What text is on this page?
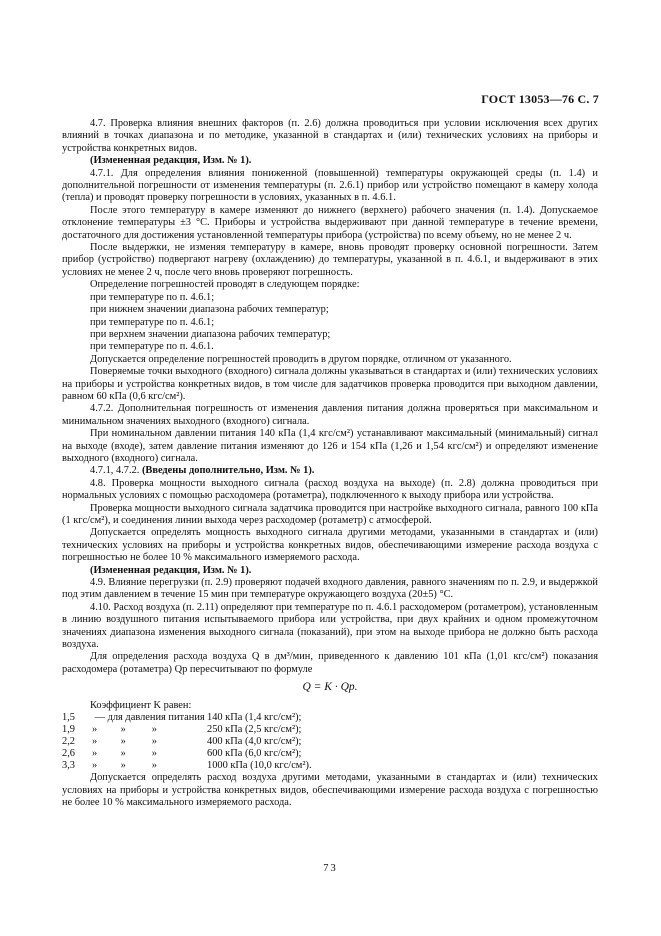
ГОСТ 13053—76 С. 7

4.7. Проверка влияния внешних факторов (п. 2.6) должна проводиться при условии исключения всех других влияний в точках диапазона и по методике, указанной в стандартах и (или) технических условиях на приборы и устройства конкретных видов.

(Измененная редакция, Изм. № 1).

4.7.1. Для определения влияния пониженной (повышенной) температуры окружающей среды (п. 1.4) и дополнительной погрешности от изменения температуры (п. 2.6.1) прибор или устройство помещают в камеру холода (тепла) и проводят проверку погрешности в условиях, указанных в п. 4.6.1.

После этого температуру в камере изменяют до нижнего (верхнего) рабочего значения (п. 1.4). Допускаемое отклонение температуры ±3 °С. Приборы и устройства выдерживают при данной температуре в течение времени, достаточного для достижения установленной температуры прибора (устройства) по всему объему, но не менее 2 ч.

После выдержки, не изменяя температуру в камере, вновь проводят проверку основной погрешности. Затем прибор (устройство) подвергают нагреву (охлаждению) до температуры, указанной в п. 4.6.1, и выдерживают в этих условиях не менее 2 ч, после чего вновь проверяют погрешность.

Определение погрешностей проводят в следующем порядке:

при температуре по п. 4.6.1;

при нижнем значении диапазона рабочих температур;

при температуре по п. 4.6.1;

при верхнем значении диапазона рабочих температур;

при температуре по п. 4.6.1.

Допускается определение погрешностей проводить в другом порядке, отличном от указанного.

Поверяемые точки выходного (входного) сигнала должны указываться в стандартах и (или) технических условиях на приборы и устройства конкретных видов, в том числе для задатчиков проверка проводится при выходном давлении, равном 60 кПа (0,6 кгс/см²).

4.7.2. Дополнительная погрешность от изменения давления питания должна проверяться при максимальном и минимальном значениях выходного (входного) сигнала.

При номинальном давлении питания 140 кПа (1,4 кгс/см²) устанавливают максимальный (минимальный) сигнал на выходе (входе), затем давление питания изменяют до 126 и 154 кПа (1,26 и 1,54 кгс/см²) и определяют изменение выходного (входного) сигнала.

4.7.1, 4.7.2. (Введены дополнительно, Изм. № 1).

4.8. Проверка мощности выходного сигнала (расход воздуха на выходе) (п. 2.8) должна проводиться при нормальных условиях с помощью расходомера (ротаметра), подключенного к выходу прибора или устройства.

Проверка мощности выходного сигнала задатчика проводится при настройке выходного сигнала, равного 100 кПа (1 кгс/см²), и соединения линии выхода через расходомер (ротаметр) с атмосферой.

Допускается определять мощность выходного сигнала другими методами, указанными в стандартах и (или) технических условиях на приборы и устройства конкретных видов, обеспечивающими измерение расхода воздуха с погрешностью не более 10 % максимального измеряемого расхода.

(Измененная редакция, Изм. № 1).

4.9. Влияние перегрузки (п. 2.9) проверяют подачей входного давления, равного значениям по п. 2.9, и выдержкой под этим давлением в течение 15 мин при температуре окружающего воздуха (20±5) °С.

4.10. Расход воздуха (п. 2.11) определяют при температуре по п. 4.6.1 расходомером (ротаметром), установленным в линию воздушного питания испытываемого прибора или устройства, при двух крайних и одном промежуточном значениях диапазона изменения выходного сигнала (показаний), при этом на выходе прибора не должно быть расхода воздуха.

Для определения расхода воздуха Q в дм³/мин, приведенного к давлению 101 кПа (1,01 кгс/см²) показания расходомера (ротаметра) Qр пересчитывают по формуле

Q = K · Qр.

Коэффициент K равен:

1,5	— для давления питания 140 кПа (1,4 кгс/см²);
1,9	»         »          »	250 кПа (2,5 кгс/см²);
2,2	»         »          »	400 кПа (4,0 кгс/см²);
2,6	»         »          »	600 кПа (6,0 кгс/см²);
3,3	»         »          »	1000 кПа (10,0 кгс/см²).

Допускается определять расход воздуха другими методами, указанными в стандартах и (или) технических условиях на приборы и устройства конкретных видов, обеспечивающими измерение расхода воздуха с погрешностью не более 10 % максимального измеряемого расхода.

73
